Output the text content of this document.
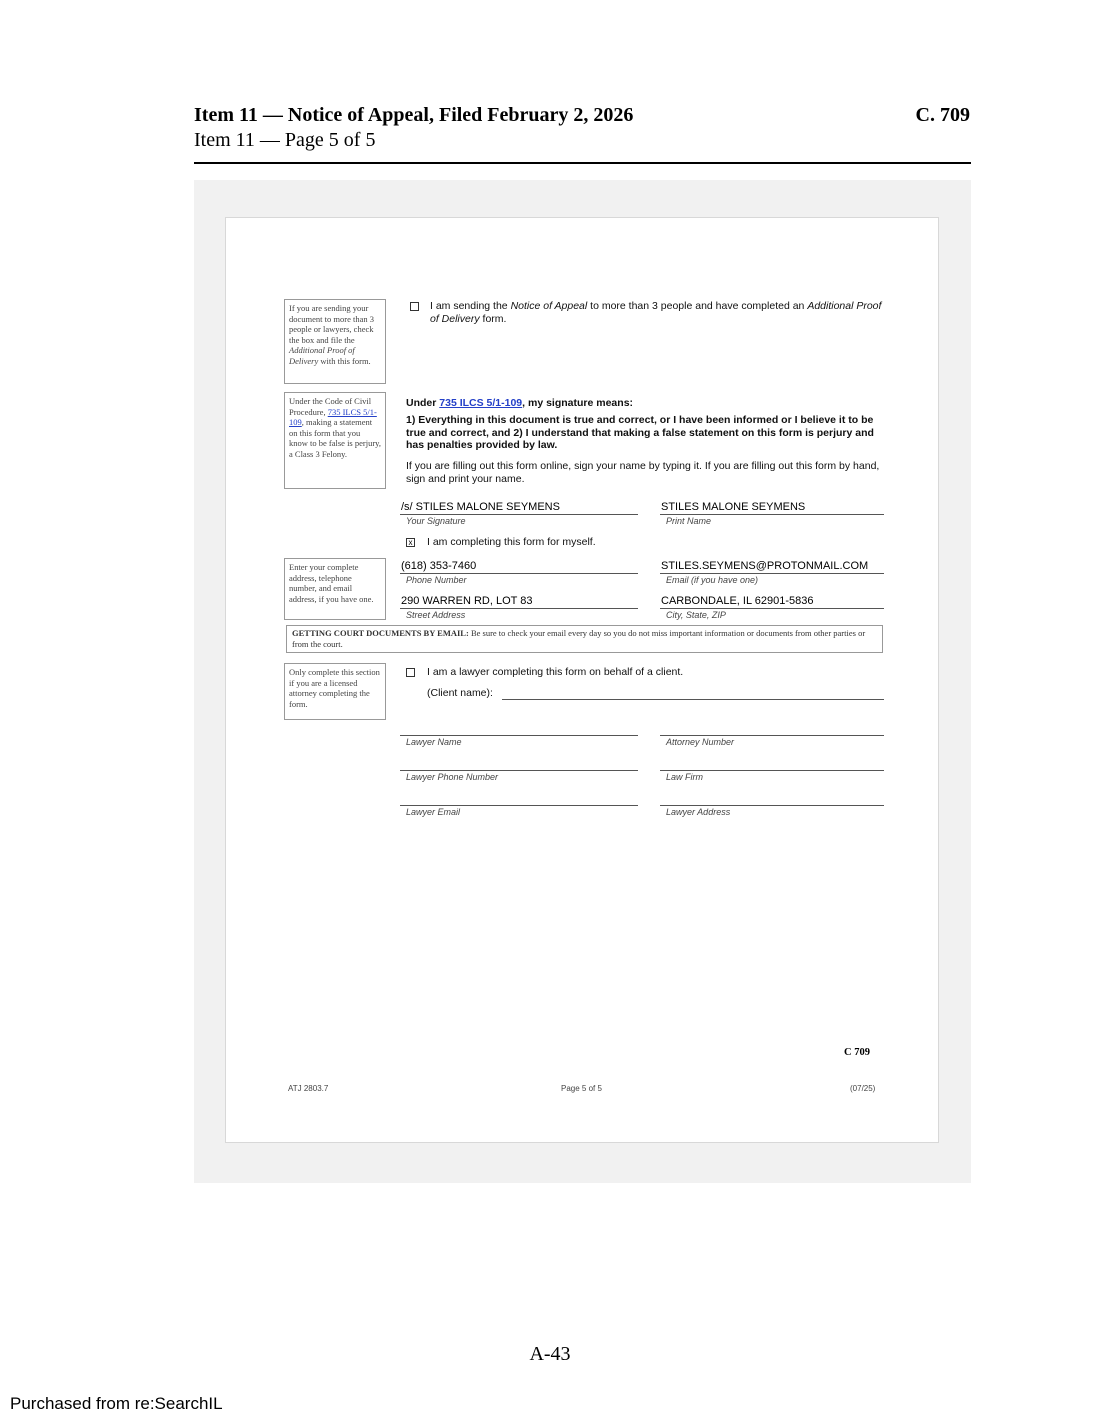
Item 11 — Notice of Appeal, Filed February 2, 2026	C. 709
Item 11 — Page 5 of 5
If you are sending your document to more than 3 people or lawyers, check the box and file the Additional Proof of Delivery with this form.
I am sending the Notice of Appeal to more than 3 people and have completed an Additional Proof of Delivery form.
Under the Code of Civil Procedure, 735 ILCS 5/1-109, making a statement on this form that you know to be false is perjury, a Class 3 Felony.
Under 735 ILCS 5/1-109, my signature means:
1) Everything in this document is true and correct, or I have been informed or I believe it to be true and correct, and 2) I understand that making a false statement on this form is perjury and has penalties provided by law.
If you are filling out this form online, sign your name by typing it. If you are filling out this form by hand, sign and print your name.
/s/ STILES MALONE SEYMENS
Your Signature
STILES MALONE SEYMENS
Print Name
x I am completing this form for myself.
Enter your complete address, telephone number, and email address, if you have one.
(618) 353-7460
Phone Number
STILES.SEYMENS@PROTONMAIL.COM
Email (if you have one)
290 WARREN RD, LOT 83
Street Address
CARBONDALE, IL 62901-5836
City, State, ZIP
GETTING COURT DOCUMENTS BY EMAIL: Be sure to check your email every day so you do not miss important information or documents from other parties or from the court.
Only complete this section if you are a licensed attorney completing the form.
I am a lawyer completing this form on behalf of a client.
(Client name):
Lawyer Name	Attorney Number
Lawyer Phone Number	Law Firm
Lawyer Email	Lawyer Address
C 709
ATJ 2803.7	Page 5 of 5	(07/25)
A-43
Purchased from re:SearchIL
